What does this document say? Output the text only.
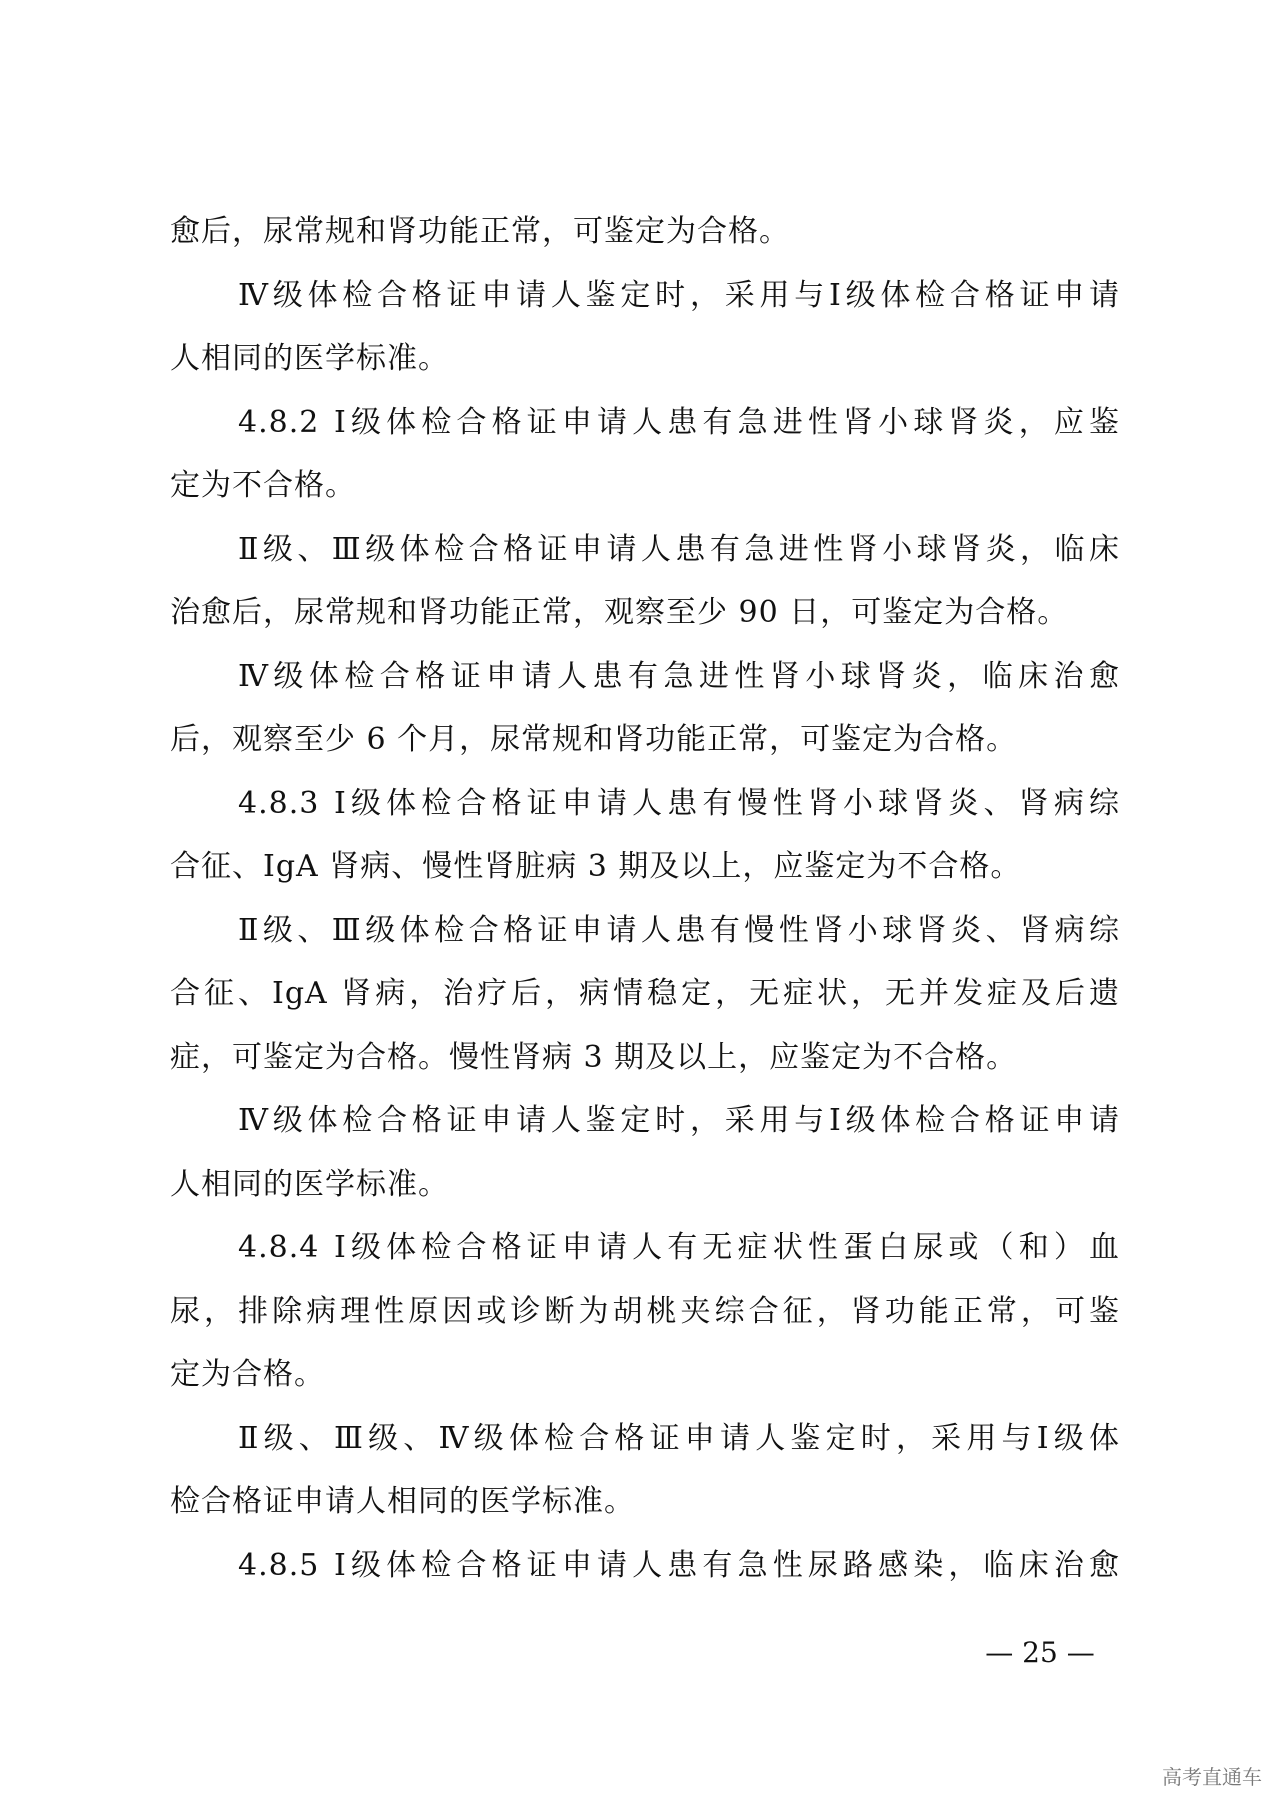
愈后，尿常规和肾功能正常，可鉴定为合格。
Ⅳ级体检合格证申请人鉴定时，采用与Ⅰ级体检合格证申请
人相同的医学标准。
4.8.2 Ⅰ级体检合格证申请人患有急进性肾小球肾炎，应鉴
定为不合格。
Ⅱ级、Ⅲ级体检合格证申请人患有急进性肾小球肾炎，临床
治愈后，尿常规和肾功能正常，观察至少 90 日，可鉴定为合格。
Ⅳ级体检合格证申请人患有急进性肾小球肾炎，临床治愈
后，观察至少 6 个月，尿常规和肾功能正常，可鉴定为合格。
4.8.3 Ⅰ级体检合格证申请人患有慢性肾小球肾炎、肾病综
合征、IgA 肾病、慢性肾脏病 3 期及以上，应鉴定为不合格。
Ⅱ级、Ⅲ级体检合格证申请人患有慢性肾小球肾炎、肾病综
合征、IgA 肾病，治疗后，病情稳定，无症状，无并发症及后遗
症，可鉴定为合格。慢性肾病 3 期及以上，应鉴定为不合格。
Ⅳ级体检合格证申请人鉴定时，采用与Ⅰ级体检合格证申请
人相同的医学标准。
4.8.4 Ⅰ级体检合格证申请人有无症状性蛋白尿或（和）血
尿，排除病理性原因或诊断为胡桃夹综合征，肾功能正常，可鉴
定为合格。
Ⅱ级、Ⅲ级、Ⅳ级体检合格证申请人鉴定时，采用与Ⅰ级体
检合格证申请人相同的医学标准。
4.8.5 Ⅰ级体检合格证申请人患有急性尿路感染，临床治愈
— 25 —
高考直通车
